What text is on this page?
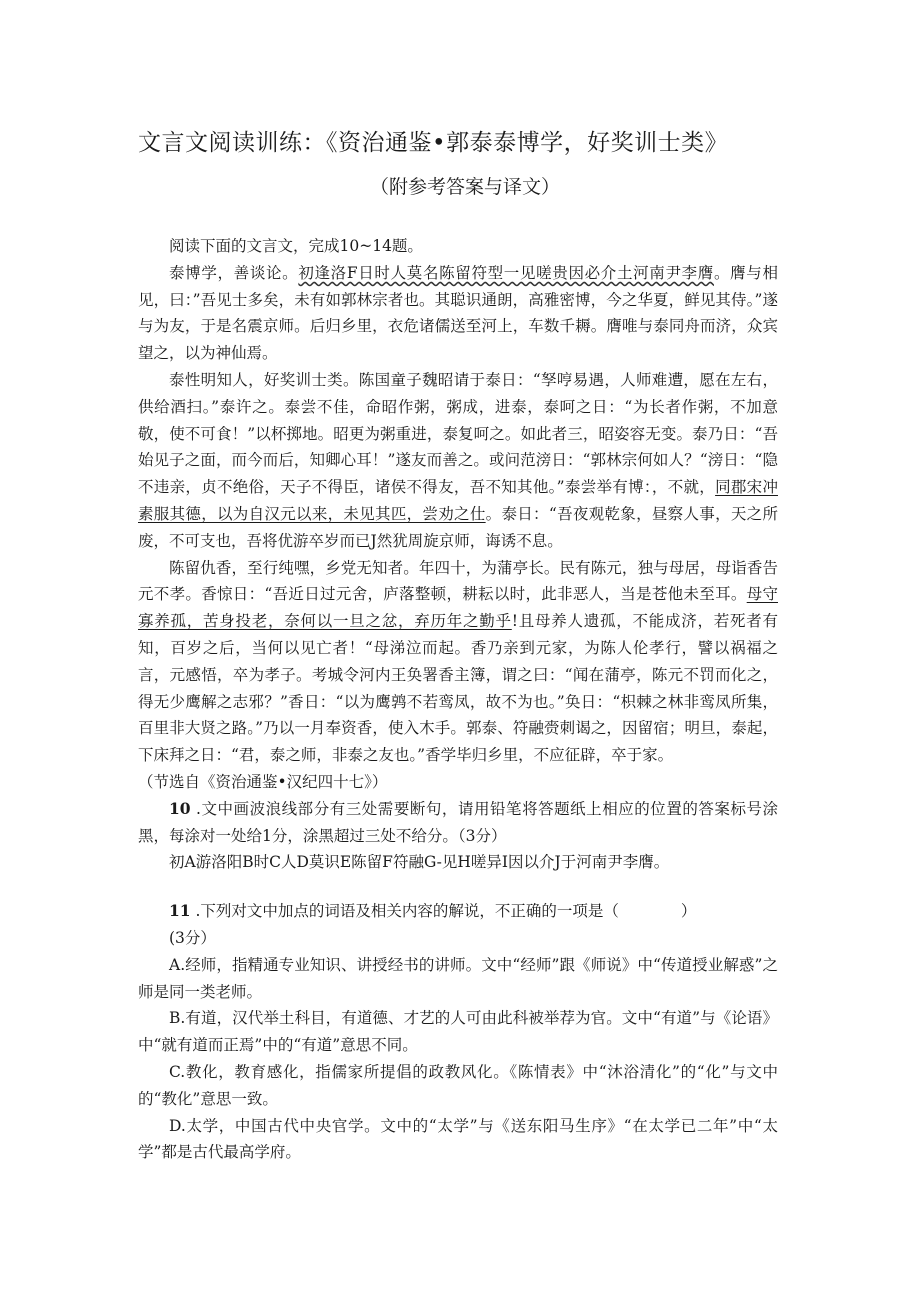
文言文阅读训练：《资治通鉴•郭泰泰博学，好奖训士类》
（附参考答案与译文）

阅读下面的文言文，完成10~14题。

泰博学，善谈论。初逢洛F日时人莫名陈留符型一见嗟贵因必介土河南尹李膺。膺与相见，曰：”吾见士多矣，未有如郭林宗者也。其聪识通朗，高雅密博，今之华夏，鲜见其侍。”遂与为友，于是名震京师。后归乡里，衣危诸儒送至河上，车数千耨。膺唯与泰同舟而济，众宾望之，以为神仙焉。

泰性明知人，好奖训士类。陈国童子魏昭请于泰日：“孥哼易遇，人师难遭，愿在左右，供给酒扫。”泰许之。泰尝不佳，命昭作粥，粥成，进泰，泰呵之日：“为长者作粥，不加意敬，使不可食！”以杯掷地。昭更为粥重进，泰复呵之。如此者三，昭姿容无变。泰乃日：“吾始见子之面，而今而后，知卿心耳！”遂友而善之。或问范滂日：“郭林宗何如人？“滂日：“隐不违亲，贞不绝俗，天子不得臣，诸侯不得友，吾不知其他。”泰尝举有博：，不就，同郡宋冲素服其德，以为自汉元以来，未见其匹，尝劝之仕。泰日：“吾夜观乾象，昼察人事，天之所废，不可支也，吾将优游卒岁而已J然犹周旋京师，诲诱不息。

陈留仇香，至行纯嘿，乡党无知者。年四十，为蒲亭长。民有陈元，独与母居，母诣香告元不孝。香惊日：“吾近日过元舍，庐落整顿，耕耘以时，此非恶人，当是苍他未至耳。母守寡养孤，苦身投老，奈何以一旦之忿，弃历年之勤乎!且母养人遗孤，不能成济，若死者有知，百岁之后，当何以见亡者！“母涕泣而起。香乃亲到元家，为陈人伦孝行，譬以祸福之言，元感悟，卒为孝子。考城令河内王奂署香主簿，谓之曰：“闻在蒲亭，陈元不罚而化之，得无少鹰解之志邪？”香日：“以为鹰鹑不若鸾凤，故不为也。”奂日：“枳棘之林非鸾凤所集，百里非大贤之路。”乃以一月奉资香，使入木手。郭泰、符融赍刺谒之，因留宿；明旦，泰起，下床拜之日：“君，泰之师，非泰之友也。”香学毕归乡里，不应征辟，卒于家。

（节选自《资治通鉴•汉纪四十七》）

10 .文中画波浪线部分有三处需要断句，请用铅笔将答题纸上相应的位置的答案标号涂黑，每涂对一处给1分，涂黑超过三处不给分。（3分）

初A游洛阳B时C人D莫识E陈留F符融G-见H嗟异I因以介J于河南尹李膺。

11 .下列对文中加点的词语及相关内容的解说，不正确的一项是（　　　　）

(3分）

A.经师，指精通专业知识、讲授经书的讲师。文中“经师”跟《师说》中“传道授业解惑”之师是同一类老师。

B.有道，汉代举土科目，有道德、才艺的人可由此科被举荐为官。文中“有道”与《论语》中“就有道而正焉”中的“有道”意思不同。

C.教化，教育感化，指儒家所提倡的政教风化。《陈情表》中“沐浴清化”的“化”与文中的“教化”意思一致。

D.太学，中国古代中央官学。文中的“太学”与《送东阳马生序》“在太学已二年”中“太学”都是古代最高学府。
